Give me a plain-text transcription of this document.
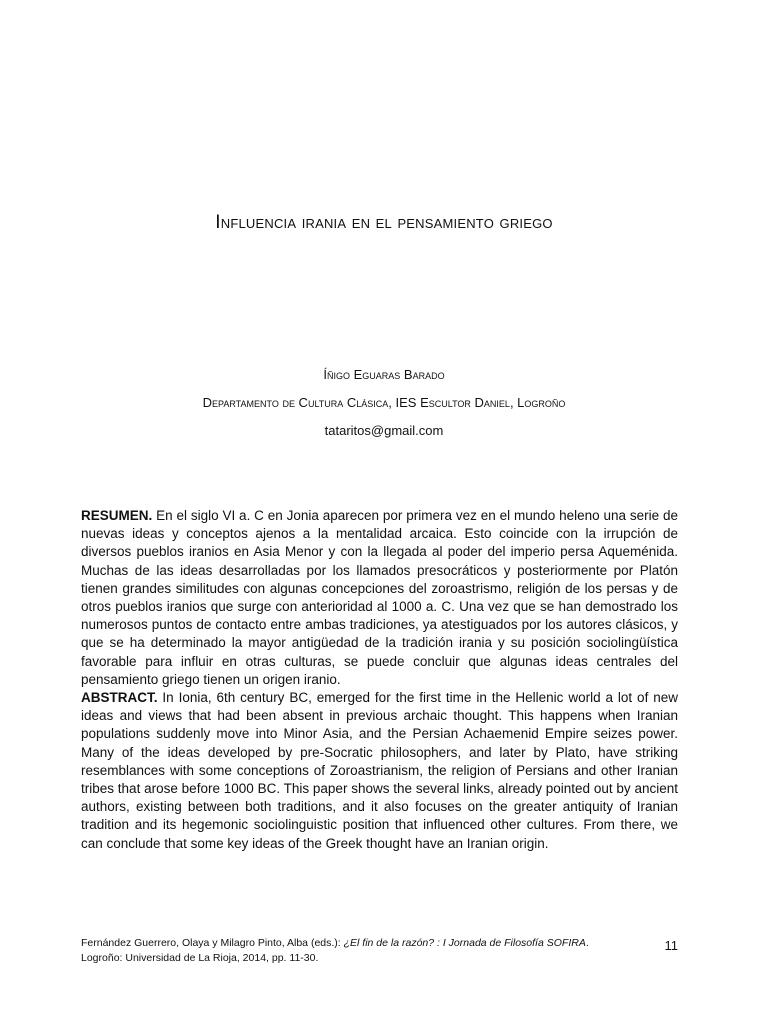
Influencia irania en el pensamiento griego
Íñigo Eguaras Barado
Departamento de Cultura Clásica, IES Escultor Daniel, Logroño
tataritos@gmail.com

RESUMEN. En el siglo VI a. C en Jonia aparecen por primera vez en el mundo heleno una serie de nuevas ideas y conceptos ajenos a la mentalidad arcaica. Esto coincide con la irrupción de diversos pueblos iranios en Asia Menor y con la llegada al poder del imperio persa Aqueménida. Muchas de las ideas desarrolladas por los llamados presocráticos y posteriormente por Platón tienen grandes similitudes con algunas concepciones del zoroastrismo, religión de los persas y de otros pueblos iranios que surge con anterioridad al 1000 a. C. Una vez que se han demostrado los numerosos puntos de contacto entre ambas tradiciones, ya atestiguados por los autores clásicos, y que se ha determinado la mayor antigüedad de la tradición irania y su posición sociolingüística favorable para influir en otras culturas, se puede concluir que algunas ideas centrales del pensamiento griego tienen un origen iranio.

ABSTRACT. In Ionia, 6th century BC, emerged for the first time in the Hellenic world a lot of new ideas and views that had been absent in previous archaic thought. This happens when Iranian populations suddenly move into Minor Asia, and the Persian Achaemenid Empire seizes power. Many of the ideas developed by pre-Socratic philosophers, and later by Plato, have striking resemblances with some conceptions of Zoroastrianism, the religion of Persians and other Iranian tribes that arose before 1000 BC. This paper shows the several links, already pointed out by ancient authors, existing between both traditions, and it also focuses on the greater antiquity of Iranian tradition and its hegemonic sociolinguistic position that influenced other cultures. From there, we can conclude that some key ideas of the Greek thought have an Iranian origin.

Fernández Guerrero, Olaya y Milagro Pinto, Alba (eds.): ¿El fin de la razón? : I Jornada de Filosofía SOFIRA. Logroño: Universidad de La Rioja, 2014, pp. 11-30.
11
